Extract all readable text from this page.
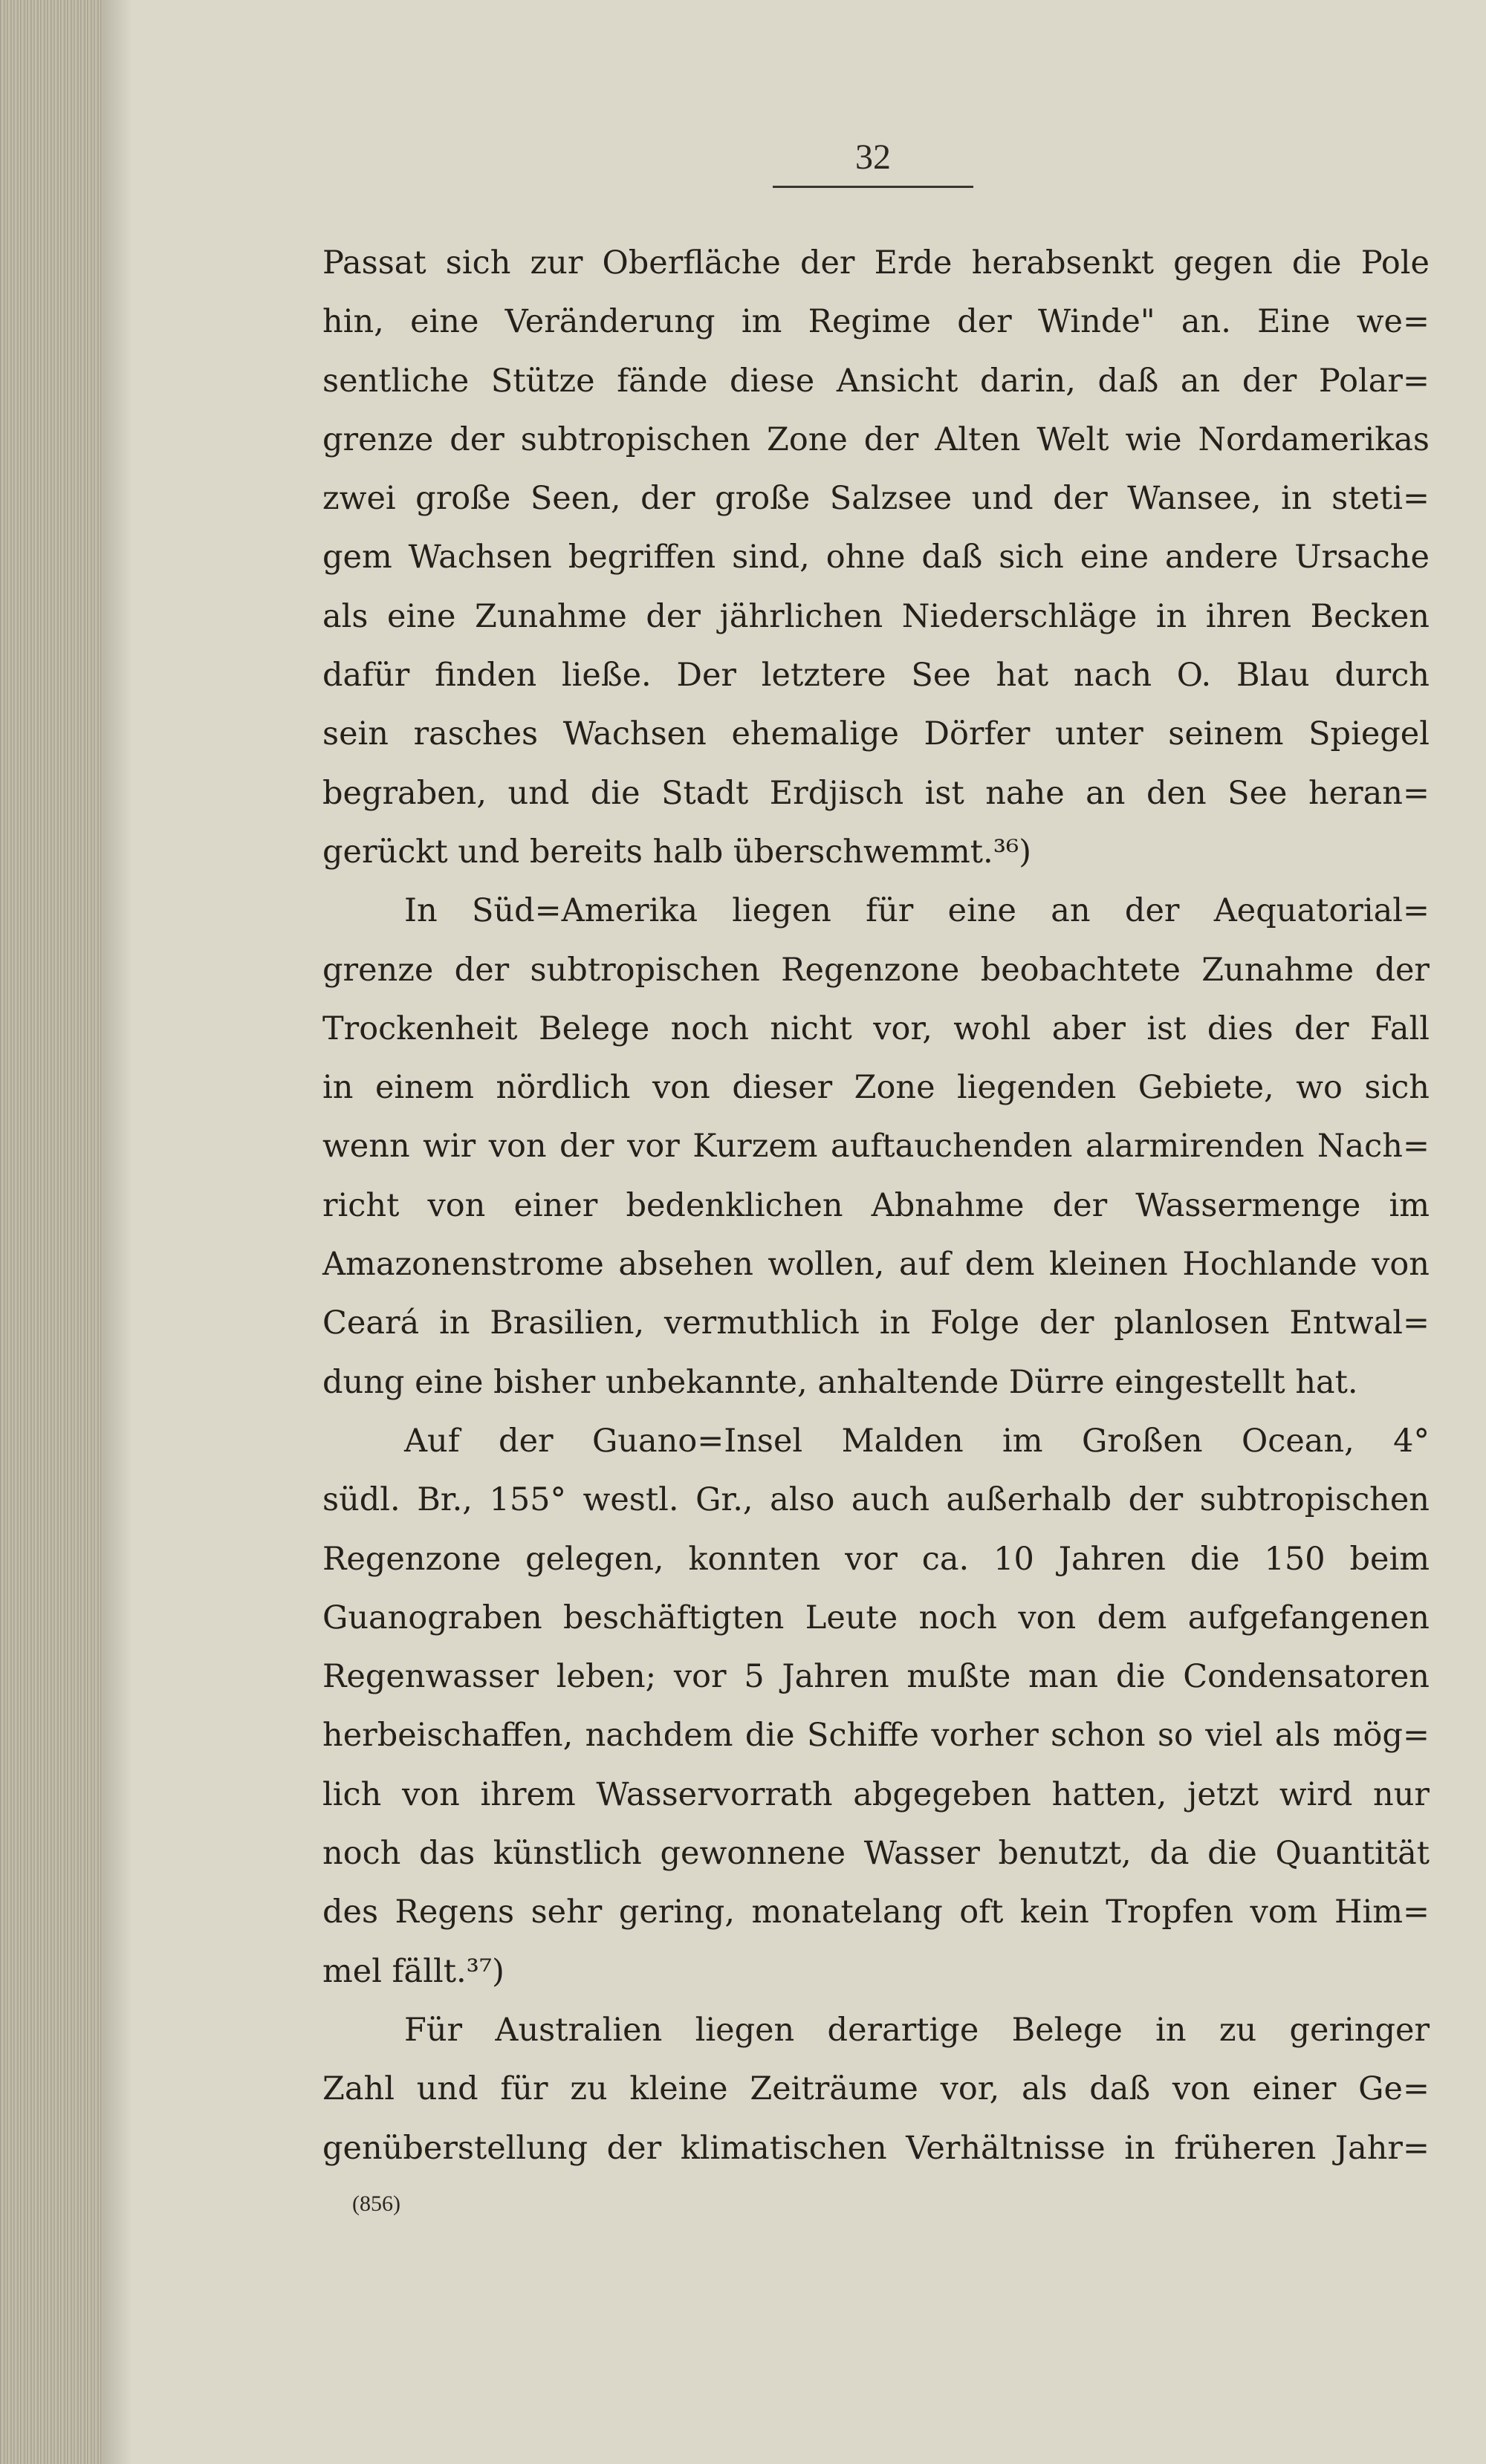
32
Passat sich zur Oberfläche der Erde herabsenkt gegen die Pole
hin, eine Veränderung im Regime der Winde" an. Eine we=
sentliche Stütze fände diese Ansicht darin, daß an der Polar=
grenze der subtropischen Zone der Alten Welt wie Nordamerikas
zwei große Seen, der große Salzsee und der Wansee, in steti=
gem Wachsen begriffen sind, ohne daß sich eine andere Ursache
als eine Zunahme der jährlichen Niederschläge in ihren Becken
dafür finden ließe. Der letztere See hat nach O. Blau durch
sein rasches Wachsen ehemalige Dörfer unter seinem Spiegel
begraben, und die Stadt Erdjisch ist nahe an den See heran=
gerückt und bereits halb überschwemmt.³⁶)
In Süd=Amerika liegen für eine an der Aequatorial=
grenze der subtropischen Regenzone beobachtete Zunahme der
Trockenheit Belege noch nicht vor, wohl aber ist dies der Fall
in einem nördlich von dieser Zone liegenden Gebiete, wo sich
wenn wir von der vor Kurzem auftauchenden alarmirenden Nach=
richt von einer bedenklichen Abnahme der Wassermenge im
Amazonenstrome absehen wollen, auf dem kleinen Hochlande von
Ceará in Brasilien, vermuthlich in Folge der planlosen Entwal=
dung eine bisher unbekannte, anhaltende Dürre eingestellt hat.
Auf der Guano=Insel Malden im Großen Ocean, 4°
südl. Br., 155° westl. Gr., also auch außerhalb der subtropischen
Regenzone gelegen, konnten vor ca. 10 Jahren die 150 beim
Guanograben beschäftigten Leute noch von dem aufgefangenen
Regenwasser leben; vor 5 Jahren mußte man die Condensatoren
herbeischaffen, nachdem die Schiffe vorher schon so viel als mög=
lich von ihrem Wasservorrath abgegeben hatten, jetzt wird nur
noch das künstlich gewonnene Wasser benutzt, da die Quantität
des Regens sehr gering, monatelang oft kein Tropfen vom Him=
mel fällt.³⁷)
Für Australien liegen derartige Belege in zu geringer
Zahl und für zu kleine Zeiträume vor, als daß von einer Ge=
genüberstellung der klimatischen Verhältnisse in früheren Jahr=
(856)
